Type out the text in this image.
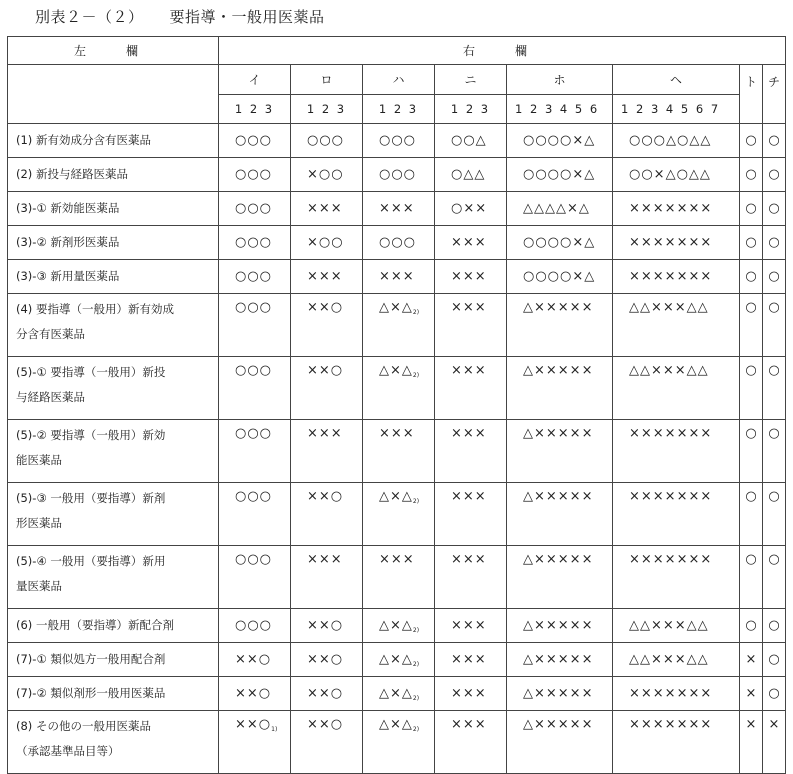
別表２－（２） 要指導・一般用医薬品
左　欄	右　欄							
	イ	ロ	ハ	ニ	ホ	ヘ	ト	チ
	1 2 3	1 2 3	1 2 3	1 2 3	1 2 3 4 5 6	1 2 3 4 5 6 7		

(1) 新有効成分含有医薬品	○○○	○○○	○○○	○○△	○○○○×△	○○○△○△△	○	○

(2) 新投与経路医薬品	○○○	×○○	○○○	○△△	○○○○×△	○○×△○△△	○	○

(3)-① 新効能医薬品	○○○	×××	×××	○××	△△△△×△	×××××××	○	○

(3)-② 新剤形医薬品	○○○	×○○	○○○	×××	○○○○×△	×××××××	○	○

(3)-③ 新用量医薬品	○○○	×××	×××	×××	○○○○×△	×××××××	○	○

(4) 要指導（一般用）新有効成
分含有医薬品	○○○	××○	$\triangle\times\triangle_{2)}$	×××	△×××××	△△×××△△	○	○

(5)-① 要指導（一般用）新投
与経路医薬品	○○○	××○	$\triangle\times\triangle_{2)}$	×××	△×××××	△△×××△△	○	○

(5)-② 要指導（一般用）新効
能医薬品	○○○	×××	×××	×××	△×××××	×××××××	○	○

(5)-③ 一般用（要指導）新剤
形医薬品	○○○	××○	$\triangle\times\triangle_{2)}$	×××	△×××××	×××××××	○	○

(5)-④ 一般用（要指導）新用
量医薬品	○○○	×××	×××	×××	△×××××	×××××××	○	○

(6) 一般用（要指導）新配合剤	○○○	××○	$\triangle\times\triangle_{2)}$	×××	△×××××	△△×××△△	○	○

(7)-① 類似処方一般用配合剤	××○	××○	$\triangle\times\triangle_{2)}$	×××	△×××××	△△×××△△	×	○

(7)-② 類似剤形一般用医薬品	××○	××○	$\triangle\times\triangle_{2)}$	×××	△×××××	×××××××	×	○

(8) その他の一般用医薬品
（承認基準品目等）	$\times\times○_{1)}$	××○	$\triangle\times\triangle_{2)}$	×××	△×××××	×××××××	×	×
